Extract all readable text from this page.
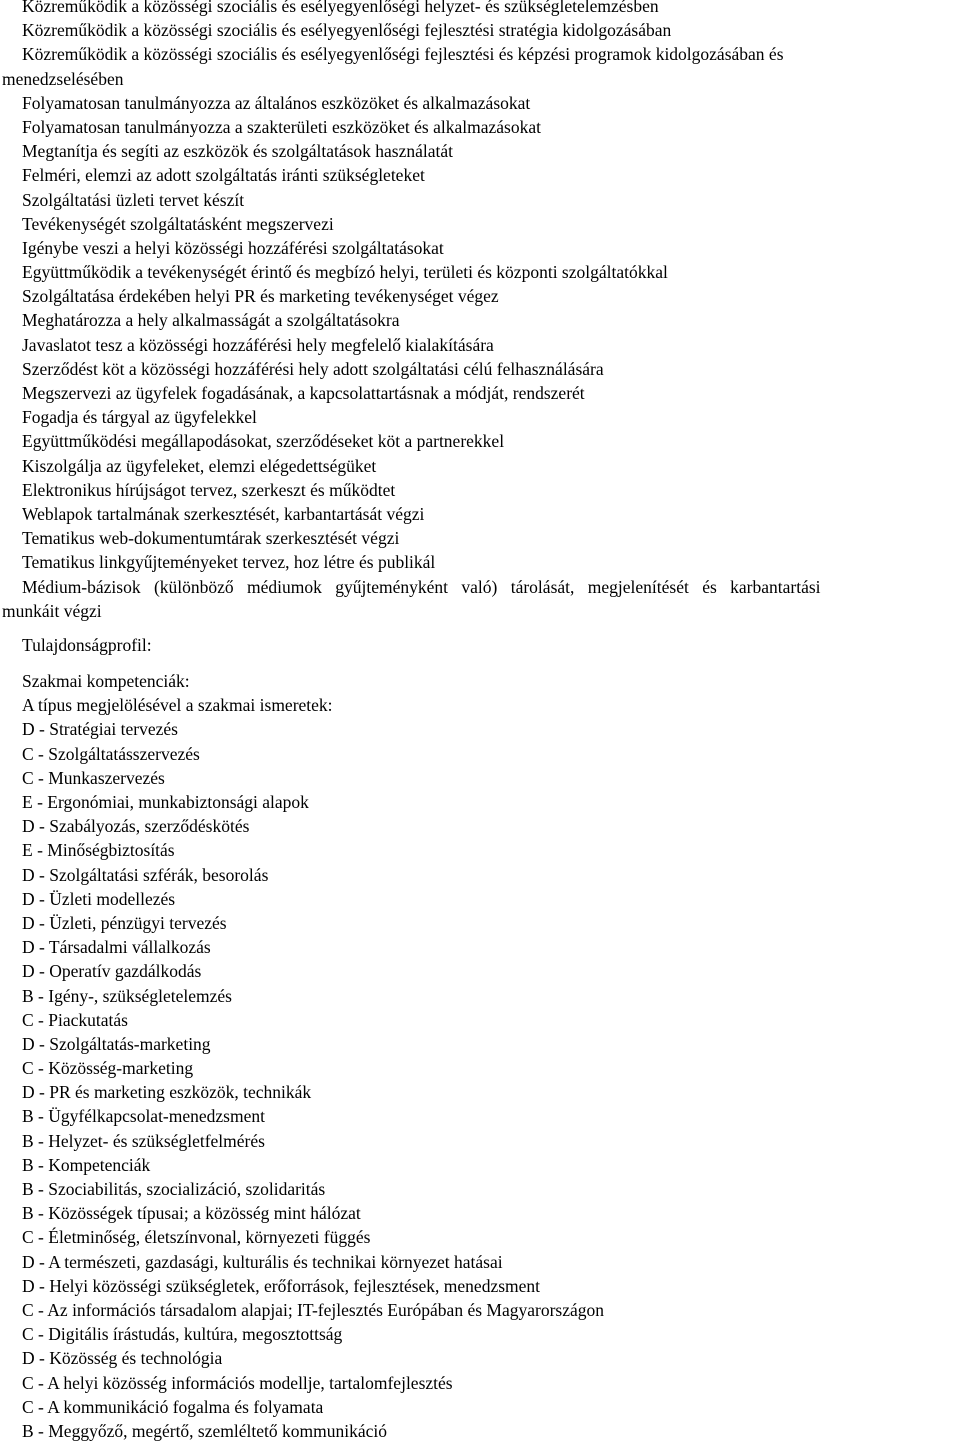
Közreműködik a közösségi szociális és esélyegyenlőségi helyzet- és szükségletelemzésben
Közreműködik a közösségi szociális és esélyegyenlőségi fejlesztési stratégia kidolgozásában
Közreműködik a közösségi szociális és esélyegyenlőségi fejlesztési és képzési programok kidolgozásában és
menedzselésében
Folyamatosan tanulmányozza az általános eszközöket és alkalmazásokat
Folyamatosan tanulmányozza a szakterületi eszközöket és alkalmazásokat
Megtanítja és segíti az eszközök és szolgáltatások használatát
Felméri, elemzi az adott szolgáltatás iránti szükségleteket
Szolgáltatási üzleti tervet készít
Tevékenységét szolgáltatásként megszervezi
Igénybe veszi a helyi közösségi hozzáférési szolgáltatásokat
Együttműködik a tevékenységét érintő és megbízó helyi, területi és központi szolgáltatókkal
Szolgáltatása érdekében helyi PR és marketing tevékenységet végez
Meghatározza a hely alkalmasságát a szolgáltatásokra
Javaslatot tesz a közösségi hozzáférési hely megfelelő kialakítására
Szerződést köt a közösségi hozzáférési hely adott szolgáltatási célú felhasználására
Megszervezi az ügyfelek fogadásának, a kapcsolattartásnak a módját, rendszerét
Fogadja és tárgyal az ügyfelekkel
Együttműködési megállapodásokat, szerződéseket köt a partnerekkel
Kiszolgálja az ügyfeleket, elemzi elégedettségüket
Elektronikus hírújságot tervez, szerkeszt és működtet
Weblapok tartalmának szerkesztését, karbantartását végzi
Tematikus web-dokumentumtárak szerkesztését végzi
Tematikus linkgyűjteményeket tervez, hoz létre és publikál
Médium-bázisok (különböző médiumok gyűjteményként való) tárolását, megjelenítését és karbantartási
munkáit végzi
Tulajdonságprofil:
Szakmai kompetenciák:
A típus megjelölésével a szakmai ismeretek:
D - Stratégiai tervezés
C - Szolgáltatásszervezés
C - Munkaszervezés
E - Ergonómiai, munkabiztonsági alapok
D - Szabályozás, szerződéskötés
E - Minőségbiztosítás
D - Szolgáltatási szférák, besorolás
D - Üzleti modellezés
D - Üzleti, pénzügyi tervezés
D - Társadalmi vállalkozás
D - Operatív gazdálkodás
B - Igény-, szükségletelemzés
C - Piackutatás
D - Szolgáltatás-marketing
C - Közösség-marketing
D - PR és marketing eszközök, technikák
B - Ügyfélkapcsolat-menedzsment
B - Helyzet- és szükségletfelmérés
B - Kompetenciák
B - Szociabilitás, szocializáció, szolidaritás
B - Közösségek típusai; a közösség mint hálózat
C - Életminőség, életszínvonal, környezeti függés
D - A természeti, gazdasági, kulturális és technikai környezet hatásai
D - Helyi közösségi szükségletek, erőforrások, fejlesztések, menedzsment
C - Az információs társadalom alapjai; IT-fejlesztés Európában és Magyarországon
C - Digitális írástudás, kultúra, megosztottság
D - Közösség és technológia
C - A helyi közösség információs modellje, tartalomfejlesztés
C - A kommunikáció fogalma és folyamata
B - Meggyőző, megértő, szemléltető kommunikáció
